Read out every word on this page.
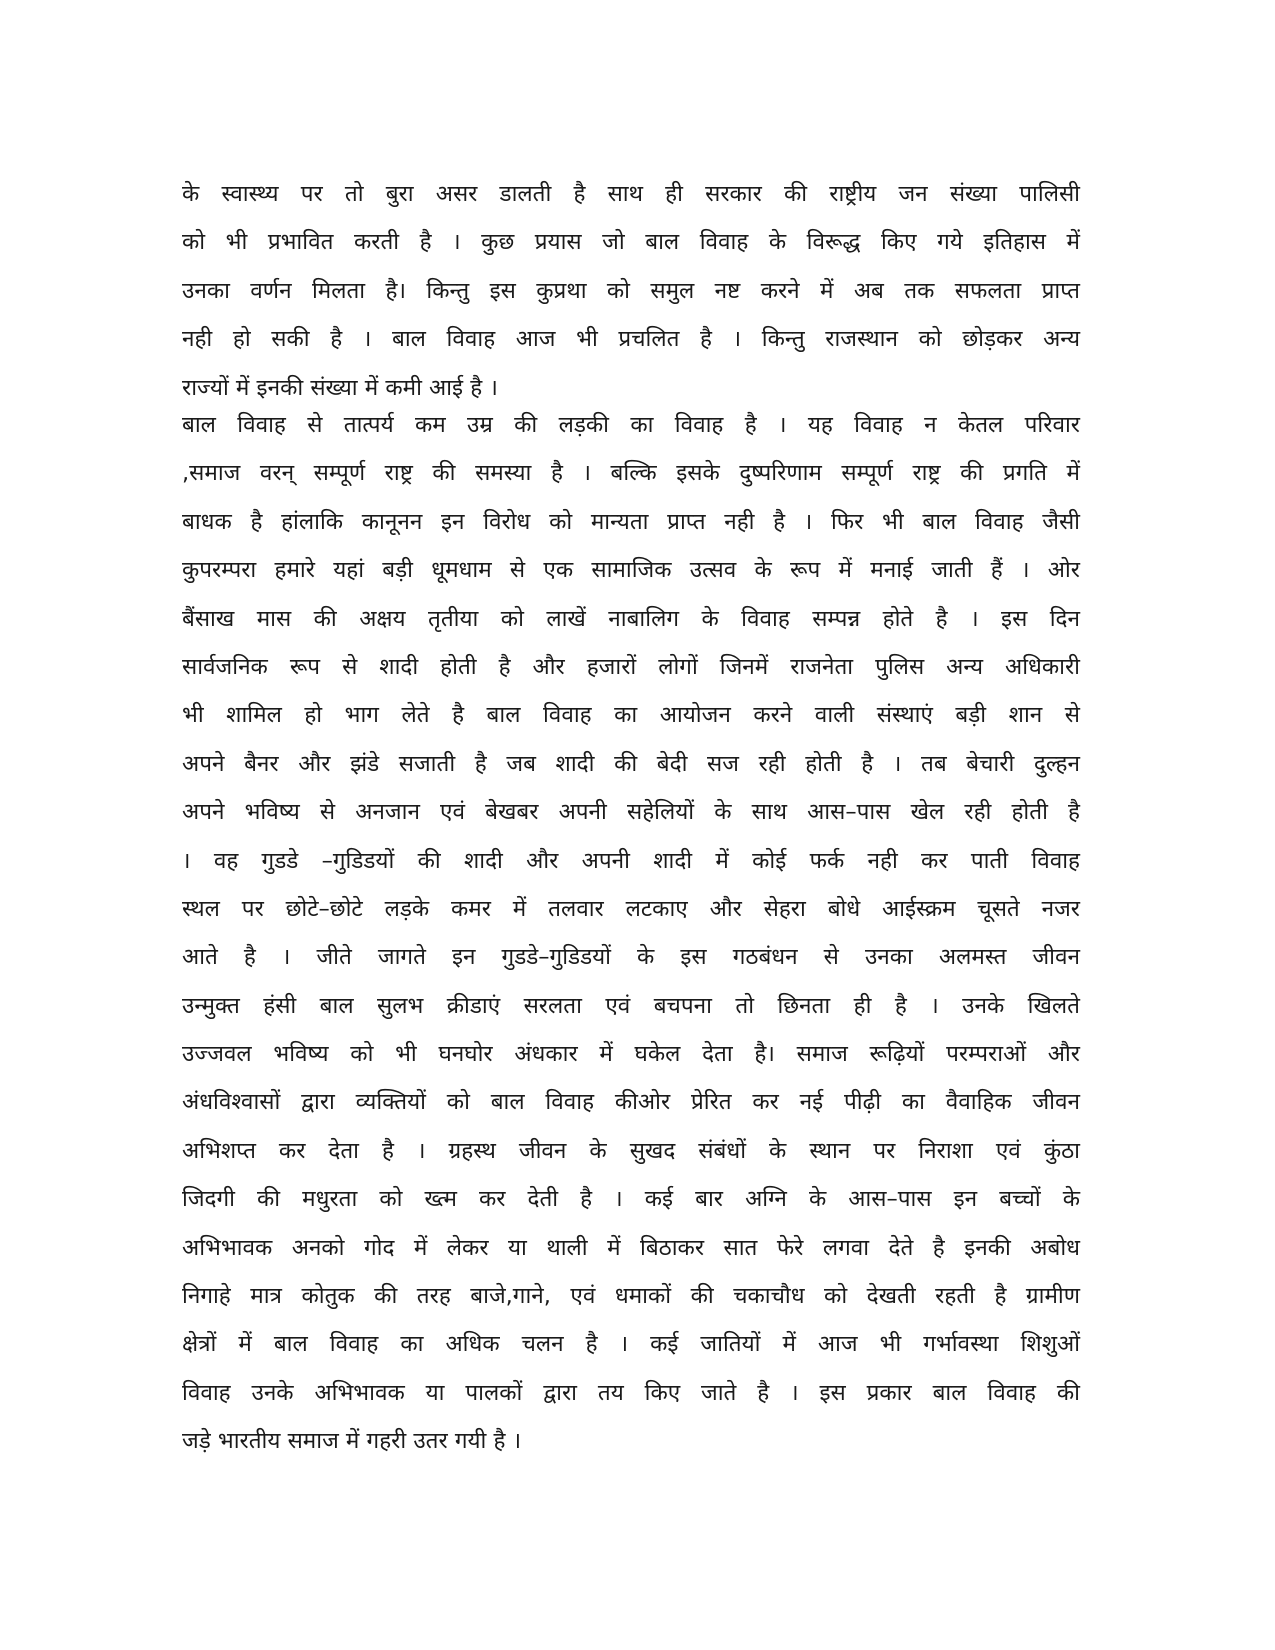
के स्वास्थ्य पर तो बुरा असर डालती है साथ ही सरकार की राष्ट्रीय जन संख्या पालिसी
को भी प्रभावित करती है । कुछ प्रयास जो बाल विवाह के विरूद्ध किए गये इतिहास में
उनका वर्णन मिलता है। किन्तु इस कुप्रथा को समुल नष्ट करने में अब तक सफलता प्राप्त
नही हो सकी है । बाल विवाह आज भी प्रचलित है । किन्तु राजस्थान को छोड़कर अन्य
राज्यों में इनकी संख्या में कमी आई है ।
बाल विवाह से तात्पर्य कम उम्र की लड़की का विवाह है । यह विवाह न केतल परिवार
,समाज वरन् सम्पूर्ण राष्ट्र की समस्या है । बल्कि इसके दुष्परिणाम सम्पूर्ण राष्ट्र की प्रगति में
बाधक है हांलाकि कानूनन इन विरोध को मान्यता प्राप्त नही है । फिर भी बाल विवाह जैसी
कुपरम्परा हमारे यहां बड़ी धूमधाम से एक सामाजिक उत्सव के रूप में मनाई जाती हैं । ओर
बैंसाख मास की अक्षय तृतीया को लाखें नाबालिग के विवाह सम्पन्न होते है । इस दिन
सार्वजनिक रूप से शादी होती है और हजारों लोगों जिनमें राजनेता पुलिस अन्य अधिकारी
भी शामिल हो भाग लेते है बाल विवाह का आयोजन करने वाली संस्थाएं बड़ी शान से
अपने बैनर और झंडे सजाती है जब शादी की बेदी सज रही होती है । तब बेचारी दुल्हन
अपने भविष्य से अनजान एवं बेखबर अपनी सहेलियों के साथ आस–पास खेल रही होती है
। वह गुडडे –गुडिडयों की शादी और अपनी शादी में कोई फर्क नही कर पाती विवाह
स्थल पर छोटे–छोटे लड़के कमर में तलवार लटकाए और सेहरा बोधे आईस्क्रम चूसते नजर
आते है । जीते जागते इन गुडडे–गुडिडयों के इस गठबंधन से उनका अलमस्त जीवन
उन्मुक्त हंसी बाल सुलभ क्रीडाएं सरलता एवं बचपना तो छिनता ही है । उनके खिलते
उज्जवल भविष्य को भी घनघोर अंधकार में घकेल देता है। समाज रूढ़ियों परम्पराओं और
अंधविश्वासों द्वारा व्यक्तियों को बाल विवाह कीओर प्रेरित कर नई पीढ़ी का वैवाहिक जीवन
अभिशप्त कर देता है । ग्रहस्थ जीवन के सुखद संबंधों के स्थान पर निराशा एवं कुंठा
जिदगी की मधुरता को ख्त्म कर देती है । कई बार अग्नि के आस–पास इन बच्चों के
अभिभावक अनको गोद में लेकर या थाली में बिठाकर सात फेरे लगवा देते है इनकी अबोध
निगाहे मात्र कोतुक की तरह बाजे,गाने, एवं धमाकों की चकाचौध को देखती रहती है ग्रामीण
क्षेत्रों में बाल विवाह का अधिक चलन है । कई जातियों में आज भी गर्भावस्था शिशुओं
विवाह उनके अभिभावक या पालकों द्वारा तय किए जाते है । इस प्रकार बाल विवाह की
जड़े भारतीय समाज में गहरी उतर गयी है ।
